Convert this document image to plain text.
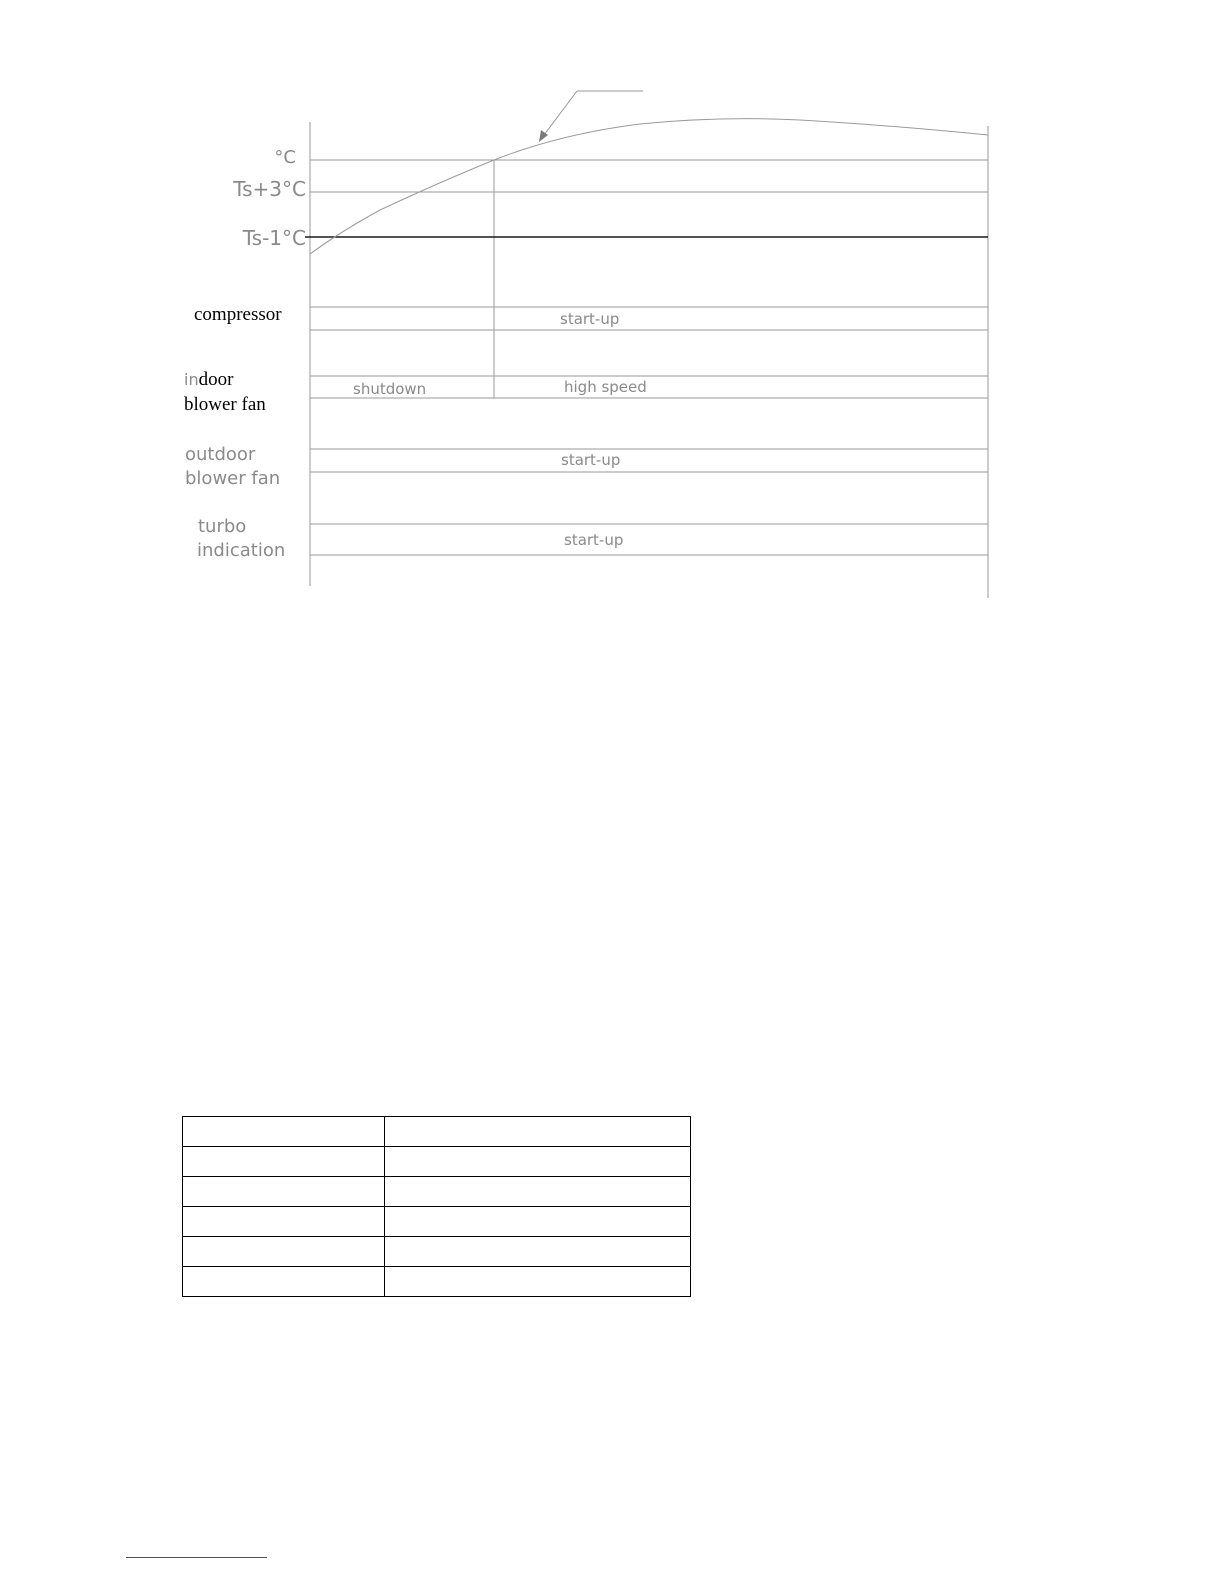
°C
Ts+3°C
Ts-1°C
compressor	start-up
indoor
blower fan
shutdown	high speed
outdoor
blower fan
start-up
turbo
indication	start-up
